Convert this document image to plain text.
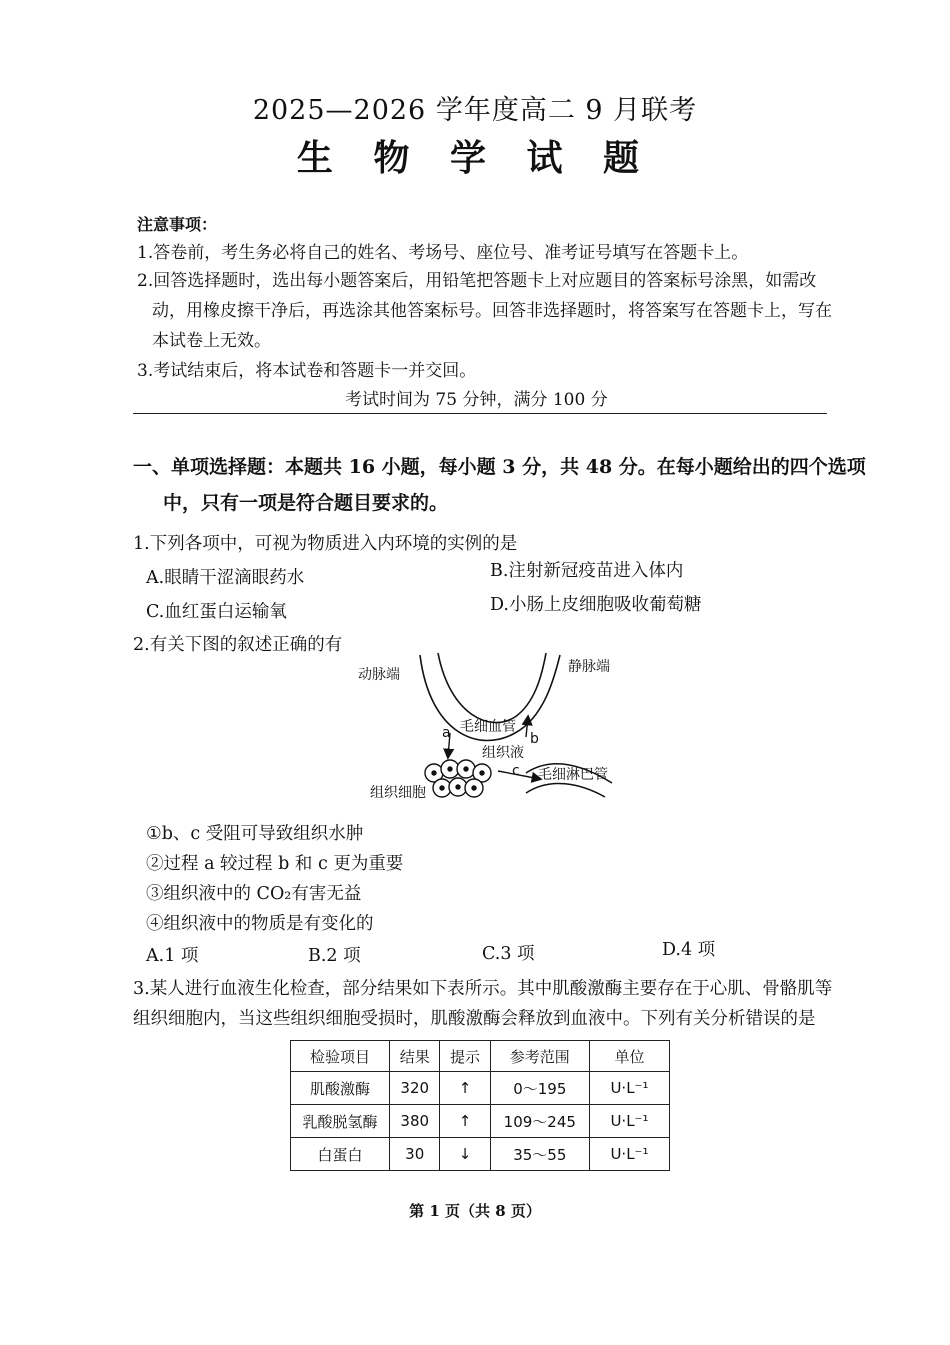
2025—2026 学年度高二 9 月联考
生 物 学 试 题
注意事项：
1.答卷前，考生务必将自己的姓名、考场号、座位号、准考证号填写在答题卡上。
2.回答选择题时，选出每小题答案后，用铅笔把答题卡上对应题目的答案标号涂黑，如需改
动，用橡皮擦干净后，再选涂其他答案标号。回答非选择题时，将答案写在答题卡上，写在
本试卷上无效。
3.考试结束后，将本试卷和答题卡一并交回。
考试时间为 75 分钟，满分 100 分
一、单项选择题：本题共 16 小题，每小题 3 分，共 48 分。在每小题给出的四个选项
中，只有一项是符合题目要求的。
1.下列各项中，可视为物质进入内环境的实例的是
A.眼睛干涩滴眼药水	B.注射新冠疫苗进入体内
C.血红蛋白运输氧	D.小肠上皮细胞吸收葡萄糖
2.有关下图的叙述正确的有
动脉端	静脉端
毛细血管
a	b
组织液
c 毛细淋巴管
组织细胞
①b、c 受阻可导致组织水肿
②过程 a 较过程 b 和 c 更为重要
③组织液中的 CO₂有害无益
④组织液中的物质是有变化的
A.1 项	B.2 项	C.3 项	D.4 项
3.某人进行血液生化检查，部分结果如下表所示。其中肌酸激酶主要存在于心肌、骨骼肌等
组织细胞内，当这些组织细胞受损时，肌酸激酶会释放到血液中。下列有关分析错误的是
检验项目	结果	提示	参考范围	单位
肌酸激酶	320	↑	0～195	U·L⁻¹
乳酸脱氢酶	380	↑	109～245	U·L⁻¹
白蛋白	30	↓	35～55	U·L⁻¹
第 1 页（共 8 页）
